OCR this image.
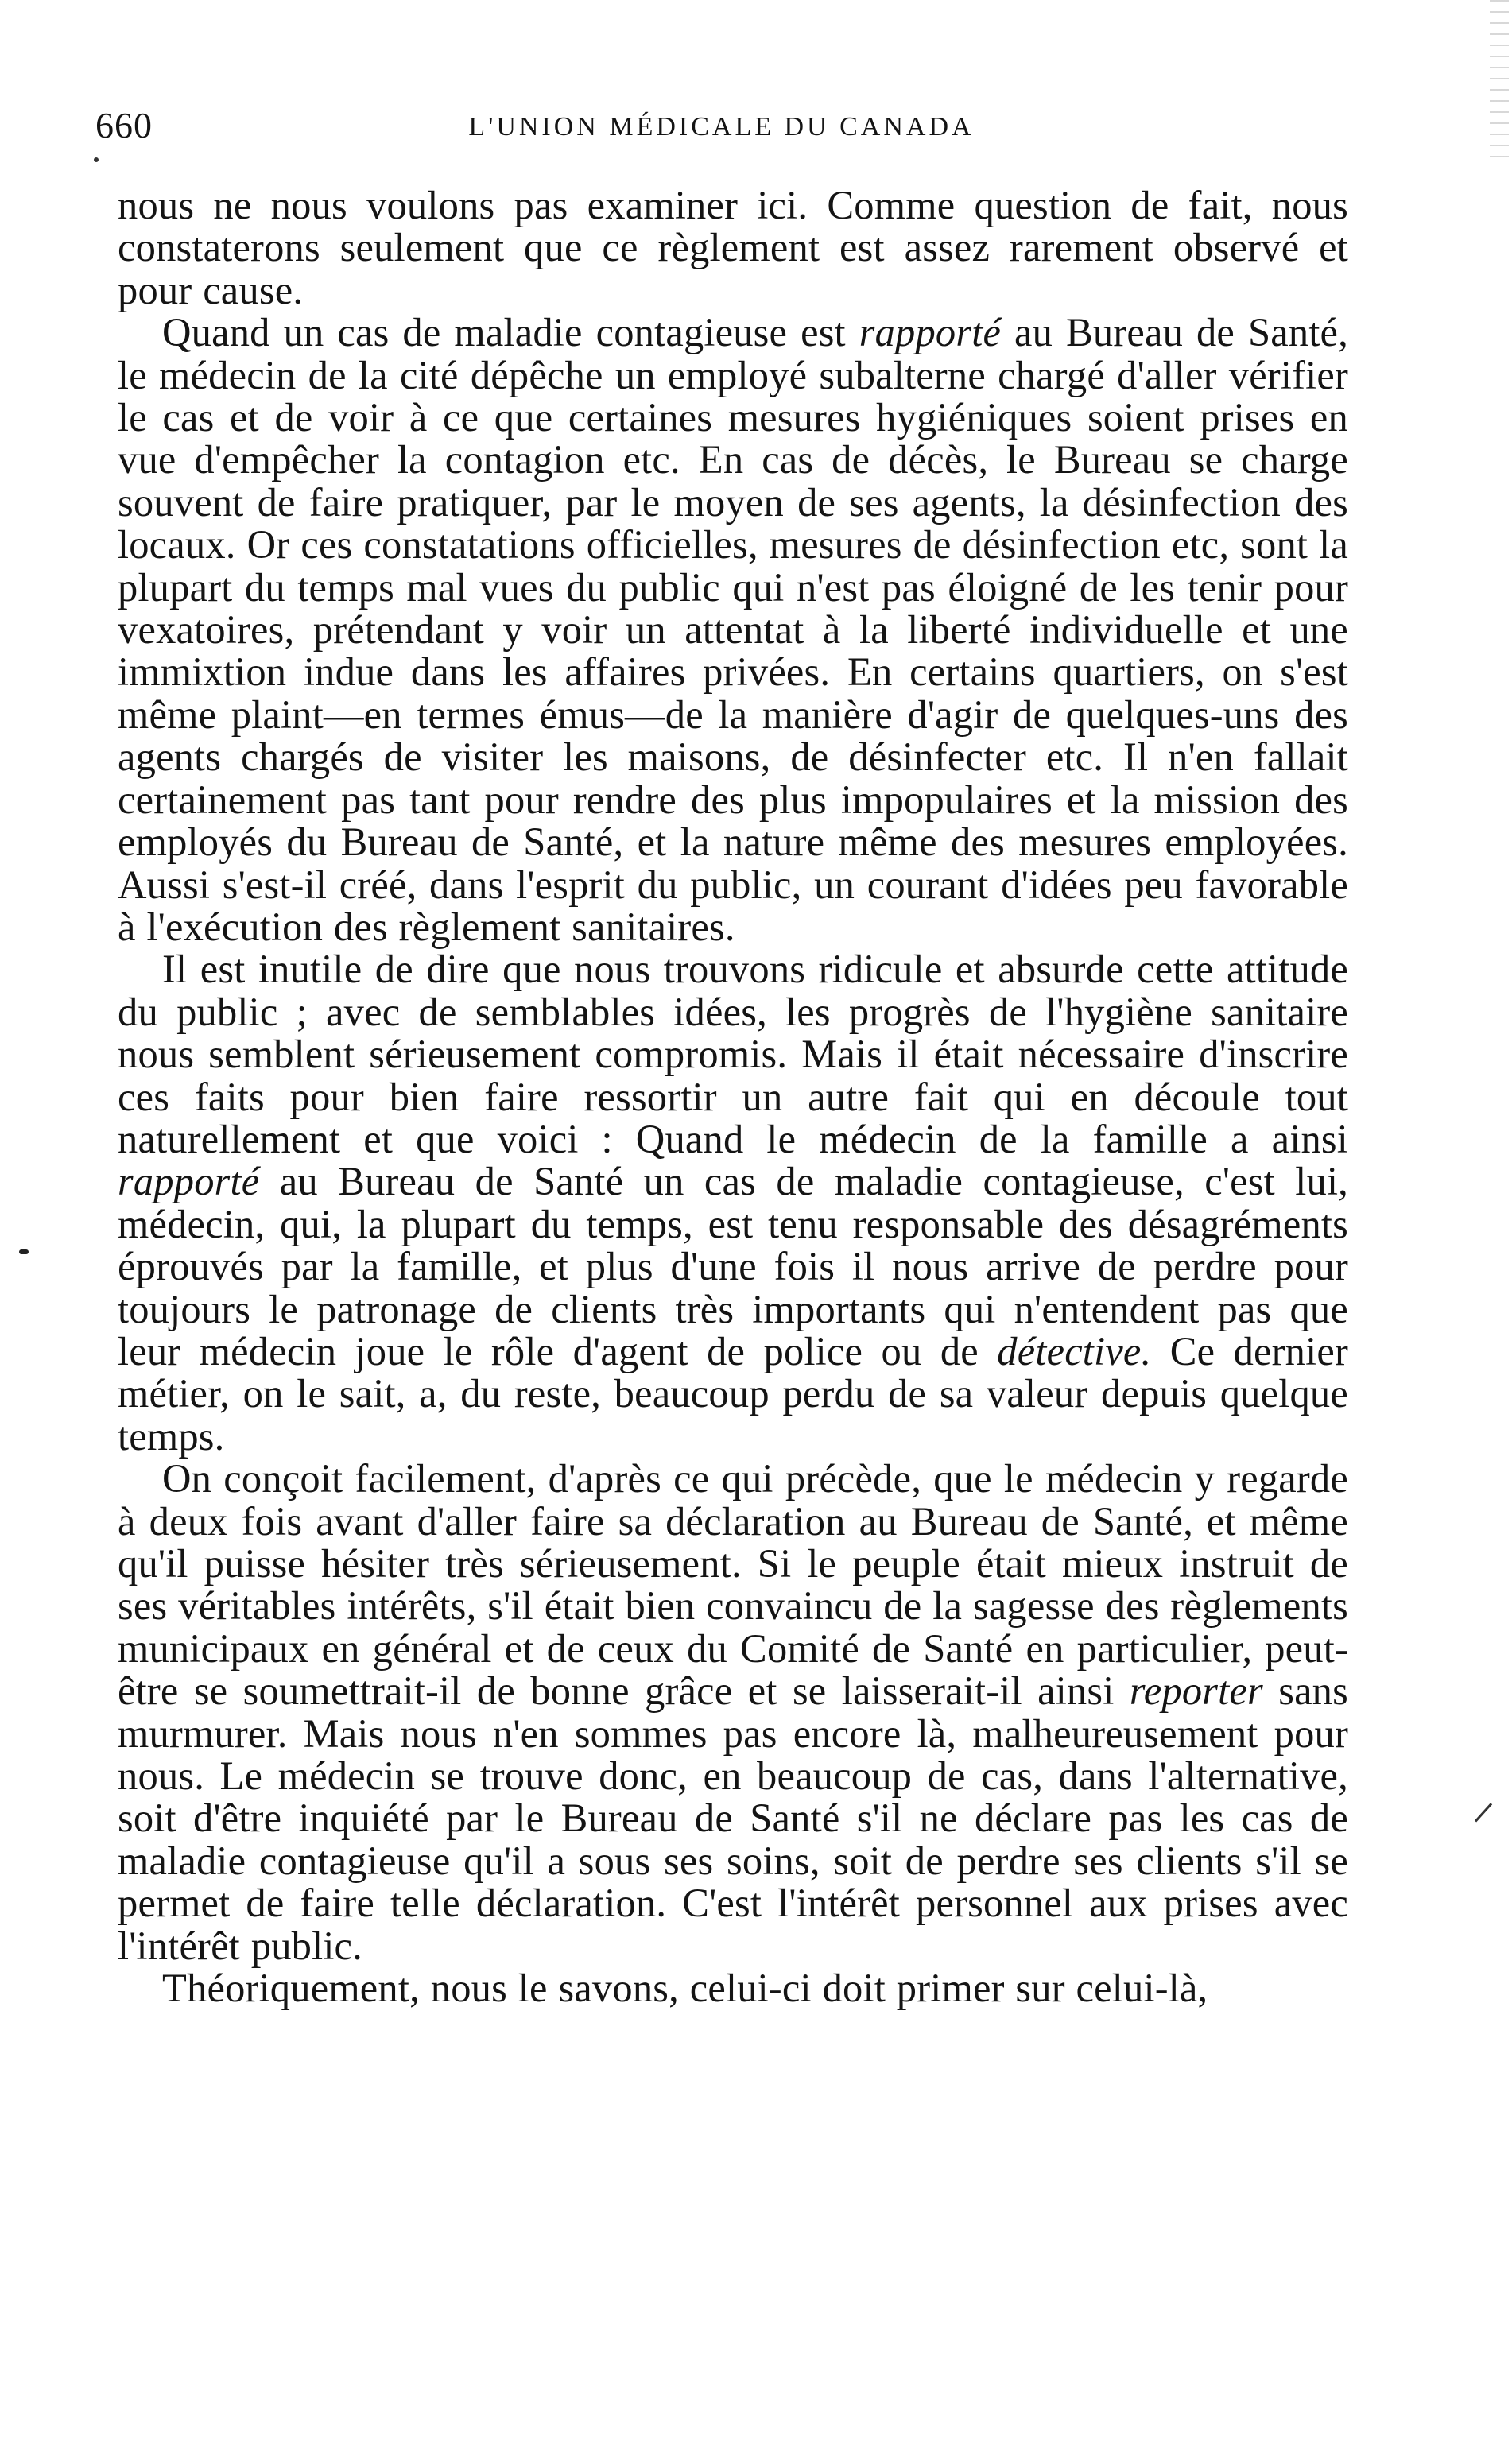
660	L'UNION MÉDICALE DU CANADA

nous ne nous voulons pas examiner ici. Comme question de fait, nous constaterons seulement que ce règlement est assez rarement observé et pour cause.

Quand un cas de maladie contagieuse est rapporté au Bureau de Santé, le médecin de la cité dépêche un employé subalterne chargé d'aller vérifier le cas et de voir à ce que certaines mesures hygiéniques soient prises en vue d'empêcher la contagion etc. En cas de décès, le Bureau se charge souvent de faire pratiquer, par le moyen de ses agents, la désinfection des locaux. Or ces constatations officielles, mesures de désinfection etc, sont la plupart du temps mal vues du public qui n'est pas éloigné de les tenir pour vexatoires, prétendant y voir un attentat à la liberté individuelle et une immixtion indue dans les affaires privées. En certains quartiers, on s'est même plaint—en termes émus—de la manière d'agir de quelques-uns des agents chargés de visiter les maisons, de désinfecter etc. Il n'en fallait certainement pas tant pour rendre des plus impopulaires et la mission des employés du Bureau de Santé, et la nature même des mesures employées. Aussi s'est-il créé, dans l'esprit du public, un courant d'idées peu favorable à l'exécution des règlement sanitaires.

Il est inutile de dire que nous trouvons ridicule et absurde cette attitude du public ; avec de semblables idées, les progrès de l'hygiène sanitaire nous semblent sérieusement compromis. Mais il était nécessaire d'inscrire ces faits pour bien faire ressortir un autre fait qui en découle tout naturellement et que voici : Quand le médecin de la famille a ainsi rapporté au Bureau de Santé un cas de maladie contagieuse, c'est lui, médecin, qui, la plupart du temps, est tenu responsable des désagréments éprouvés par la famille, et plus d'une fois il nous arrive de perdre pour toujours le patronage de clients très importants qui n'entendent pas que leur médecin joue le rôle d'agent de police ou de détective. Ce dernier métier, on le sait, a, du reste, beaucoup perdu de sa valeur depuis quelque temps.

On conçoit facilement, d'après ce qui précède, que le médecin y regarde à deux fois avant d'aller faire sa déclaration au Bureau de Santé, et même qu'il puisse hésiter très sérieusement. Si le peuple était mieux instruit de ses véritables intérêts, s'il était bien convaincu de la sagesse des règlements municipaux en général et de ceux du Comité de Santé en particulier, peut-être se soumettrait-il de bonne grâce et se laisserait-il ainsi reporter sans murmurer. Mais nous n'en sommes pas encore là, malheureusement pour nous. Le médecin se trouve donc, en beaucoup de cas, dans l'alternative, soit d'être inquiété par le Bureau de Santé s'il ne déclare pas les cas de maladie contagieuse qu'il a sous ses soins, soit de perdre ses clients s'il se permet de faire telle déclaration. C'est l'intérêt personnel aux prises avec l'intérêt public.

Théoriquement, nous le savons, celui-ci doit primer sur celui-là,
